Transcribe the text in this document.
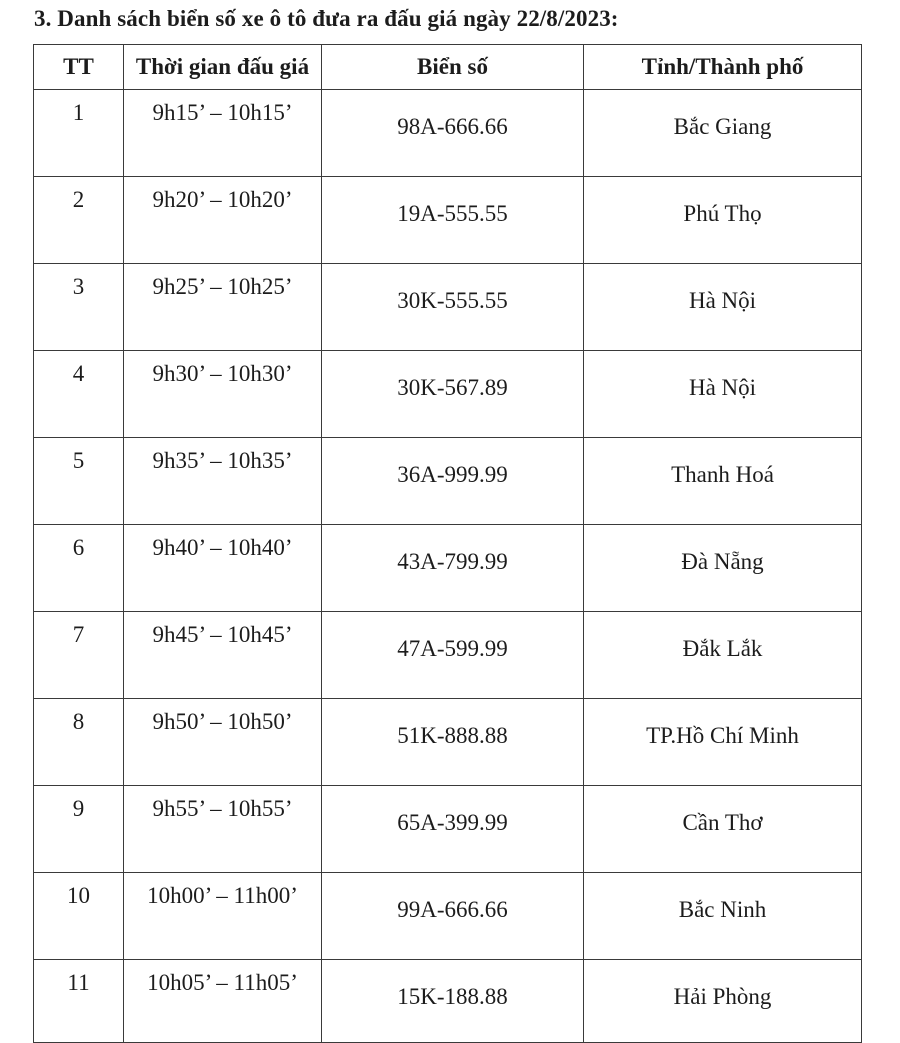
3. Danh sách biển số xe ô tô đưa ra đấu giá ngày 22/8/2023:
TT	Thời gian đấu giá	Biển số	Tỉnh/Thành phố
1	9h15’ – 10h15’	98A-666.66	Bắc Giang
2	9h20’ – 10h20’	19A-555.55	Phú Thọ
3	9h25’ – 10h25’	30K-555.55	Hà Nội
4	9h30’ – 10h30’	30K-567.89	Hà Nội
5	9h35’ – 10h35’	36A-999.99	Thanh Hoá
6	9h40’ – 10h40’	43A-799.99	Đà Nẵng
7	9h45’ – 10h45’	47A-599.99	Đắk Lắk
8	9h50’ – 10h50’	51K-888.88	TP.Hồ Chí Minh
9	9h55’ – 10h55’	65A-399.99	Cần Thơ
10	10h00’ – 11h00’	99A-666.66	Bắc Ninh
11	10h05’ – 11h05’	15K-188.88	Hải Phòng
